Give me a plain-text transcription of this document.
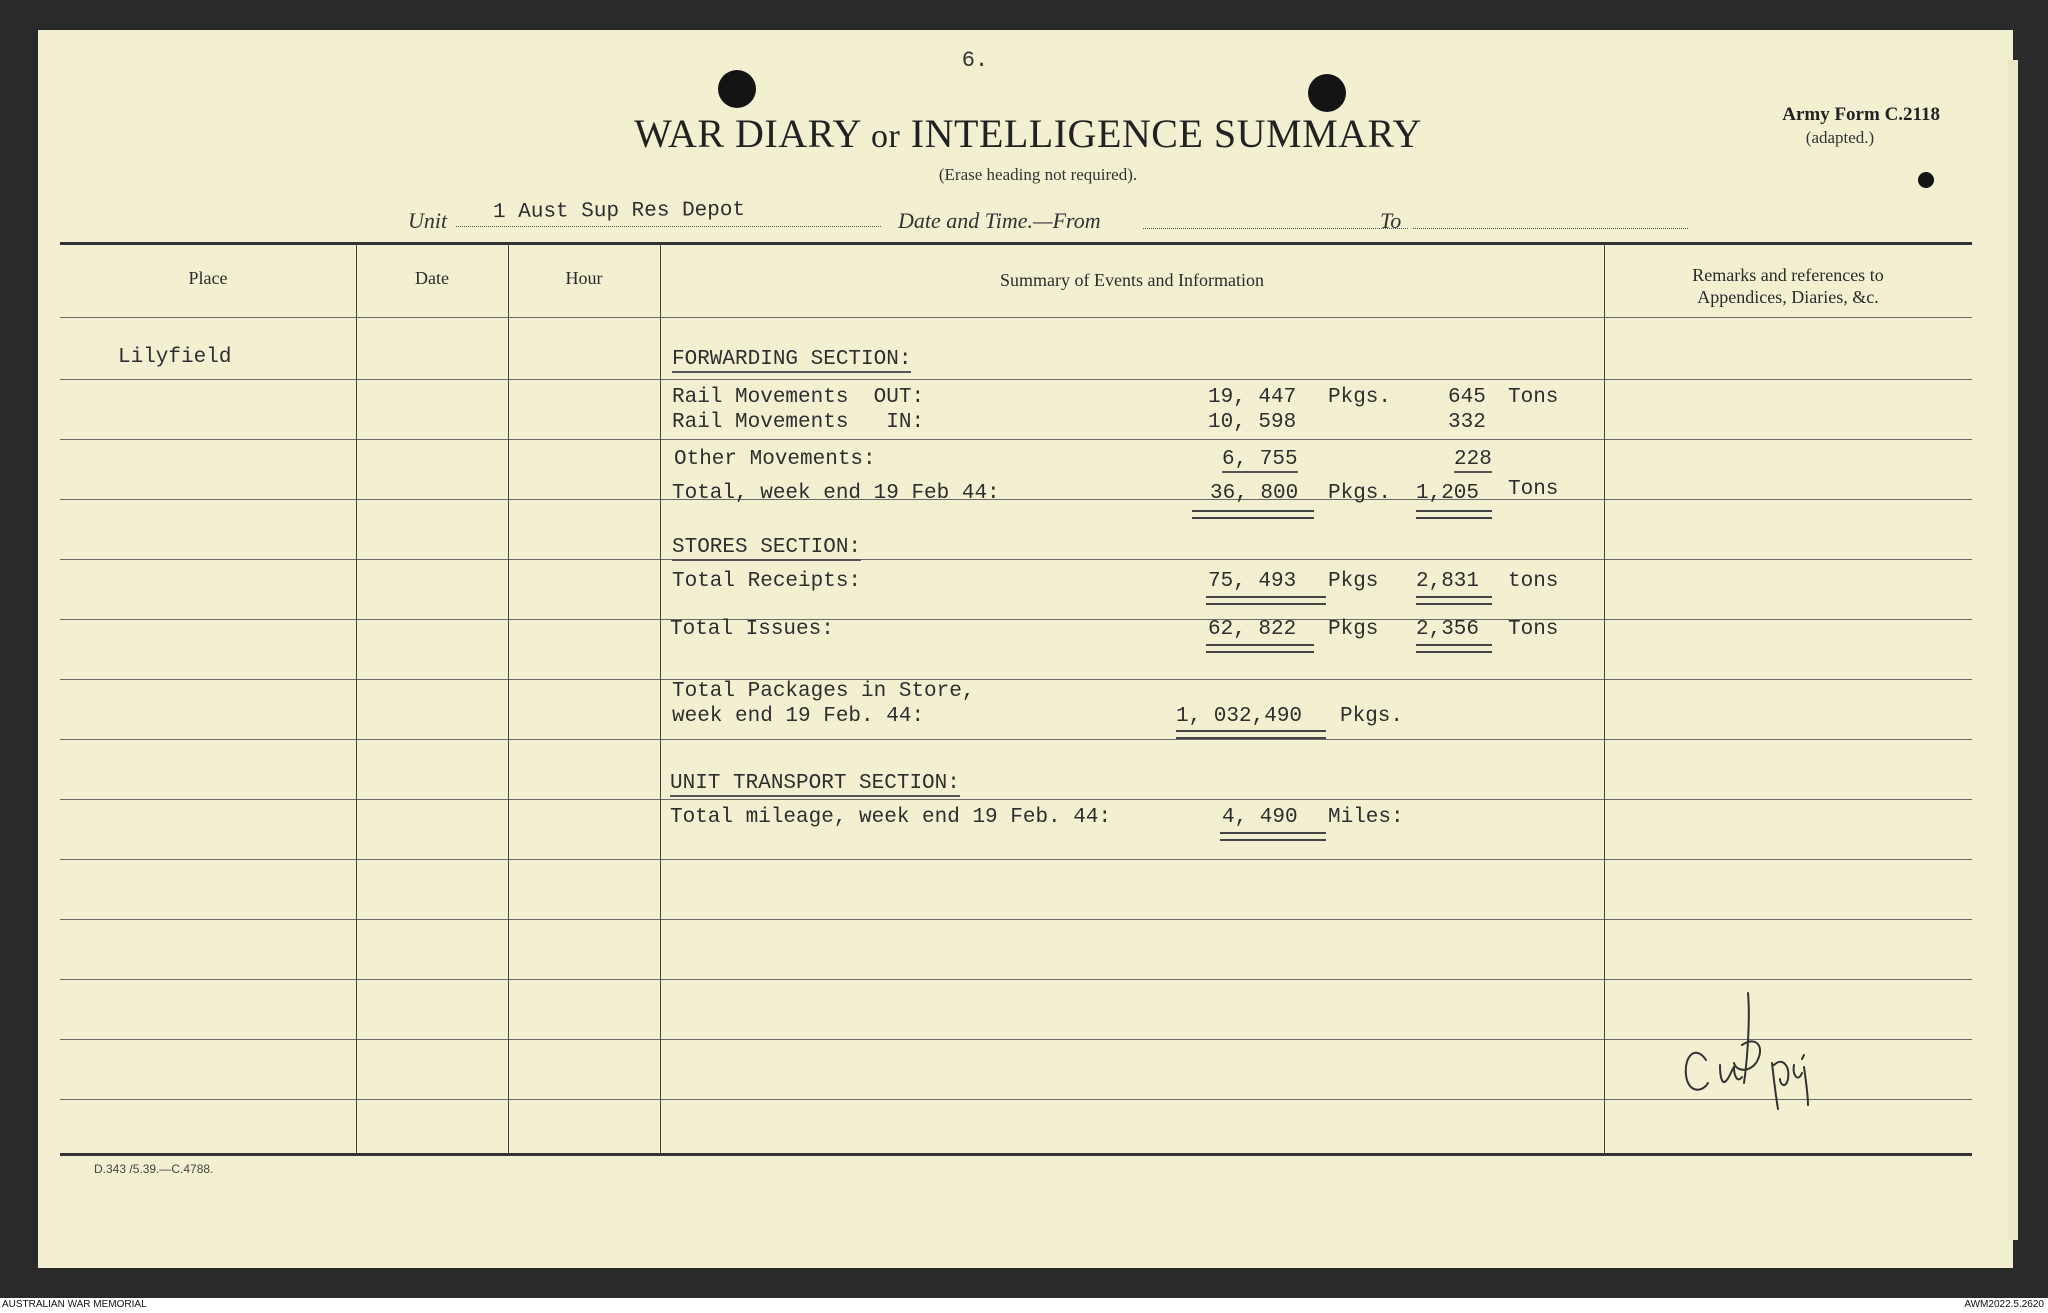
6.
WAR DIARY or INTELLIGENCE SUMMARY
(Erase heading not required).
Army Form C.2118
(adapted.)
Unit 1 Aust Sup Res Depot	Date and Time.—From	To
Place	Date	Hour	Summary of Events and Information	Remarks and references to
Appendices, Diaries, &c.
Lilyfield	FORWARDING SECTION:
Rail Movements  OUT:	19, 447 Pkgs.	645 Tons
Rail Movements   IN:	10, 598	332
Other Movements:	6, 755	228
Total, week end 19 Feb 44:	36, 800 Pkgs. 1,205 Tons
STORES SECTION:
Total Receipts:	75, 493 Pkgs 2,831 tons
Total Issues:	62, 822 Pkgs 2,356 Tons
Total Packages in Store,
week end 19 Feb. 44:	1, 032,490 Pkgs.
UNIT TRANSPORT SECTION:
Total mileage, week end 19 Feb. 44:	4, 490 Miles:
D.343 /5.39.—C.4788.
AUSTRALIAN WAR MEMORIAL	AWM2022.5.2620
